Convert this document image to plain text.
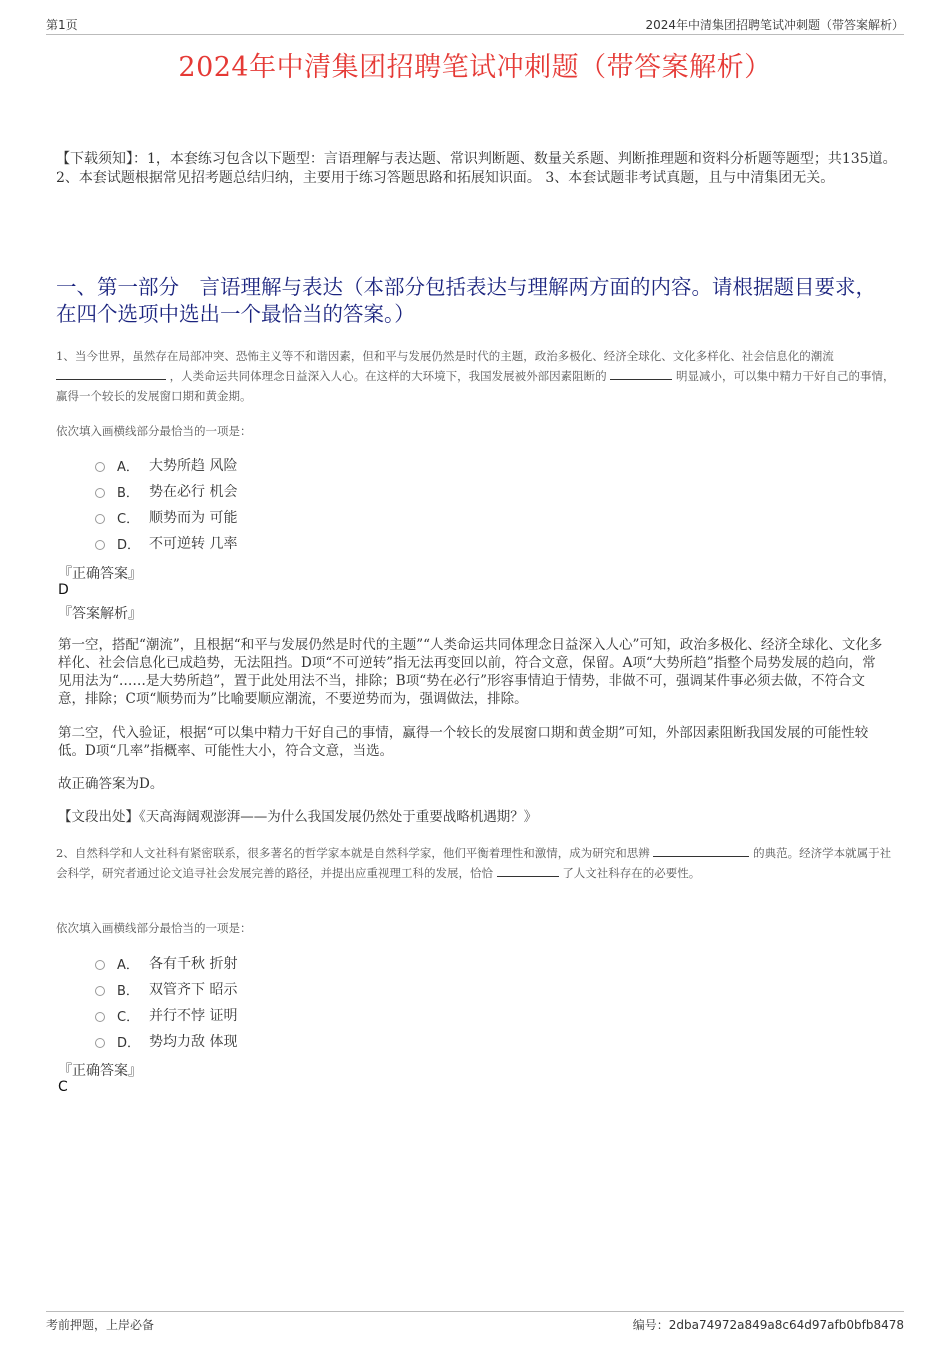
第1页	2024年中清集团招聘笔试冲刺题（带答案解析）
2024年中清集团招聘笔试冲刺题（带答案解析）
【下载须知】：1，本套练习包含以下题型：言语理解与表达题、常识判断题、数量关系题、判断推理题和资料分析题等题型；共135道。 2、本套试题根据常见招考题总结归纳，主要用于练习答题思路和拓展知识面。 3、本套试题非考试真题，且与中清集团无关。
一、第一部分　言语理解与表达（本部分包括表达与理解两方面的内容。请根据题目要求，在四个选项中选出一个最恰当的答案。）
1、当今世界，虽然存在局部冲突、恐怖主义等不和谐因素，但和平与发展仍然是时代的主题，政治多极化、经济全球化、文化多样化、社会信息化的潮流  ，人类命运共同体理念日益深入人心。在这样的大环境下，我国发展被外部因素阻断的	明显减小，可以集中精力干好自己的事情，赢得一个较长的发展窗口期和黄金期。
依次填入画横线部分最恰当的一项是：
A． 大势所趋 风险
B． 势在必行 机会
C． 顺势而为 可能
D． 不可逆转 几率
『正确答案』
D
『答案解析』

第一空，搭配“潮流”，且根据“和平与发展仍然是时代的主题”“人类命运共同体理念日益深入人心”可知，政治多极化、经济全球化、文化多样化、社会信息化已成趋势，无法阻挡。D项“不可逆转”指无法再变回以前，符合文意，保留。A项“大势所趋”指整个局势发展的趋向，常见用法为“……是大势所趋”，置于此处用法不当，排除；B项“势在必行”形容事情迫于情势，非做不可，强调某件事必须去做，不符合文意，排除；C项“顺势而为”比喻要顺应潮流，不要逆势而为，强调做法，排除。

第二空，代入验证，根据“可以集中精力干好自己的事情，赢得一个较长的发展窗口期和黄金期”可知，外部因素阻断我国发展的可能性较低。D项“几率”指概率、可能性大小，符合文意，当选。

故正确答案为D。

【文段出处】《天高海阔观澎湃——为什么我国发展仍然处于重要战略机遇期？》

2、自然科学和人文社科有紧密联系，很多著名的哲学家本就是自然科学家，他们平衡着理性和激情，成为研究和思辨	的典范。经济学本就属于社会科学，研究者通过论文追寻社会发展完善的路径，并提出应重视理工科的发展，恰恰	了人文社科存在的必要性。
依次填入画横线部分最恰当的一项是：
A． 各有千秋 折射
B． 双管齐下 昭示
C． 并行不悖 证明
D． 势均力敌 体现
『正确答案』
C
考前押题，上岸必备	编号：2dba74972a849a8c64d97afb0bfb8478
